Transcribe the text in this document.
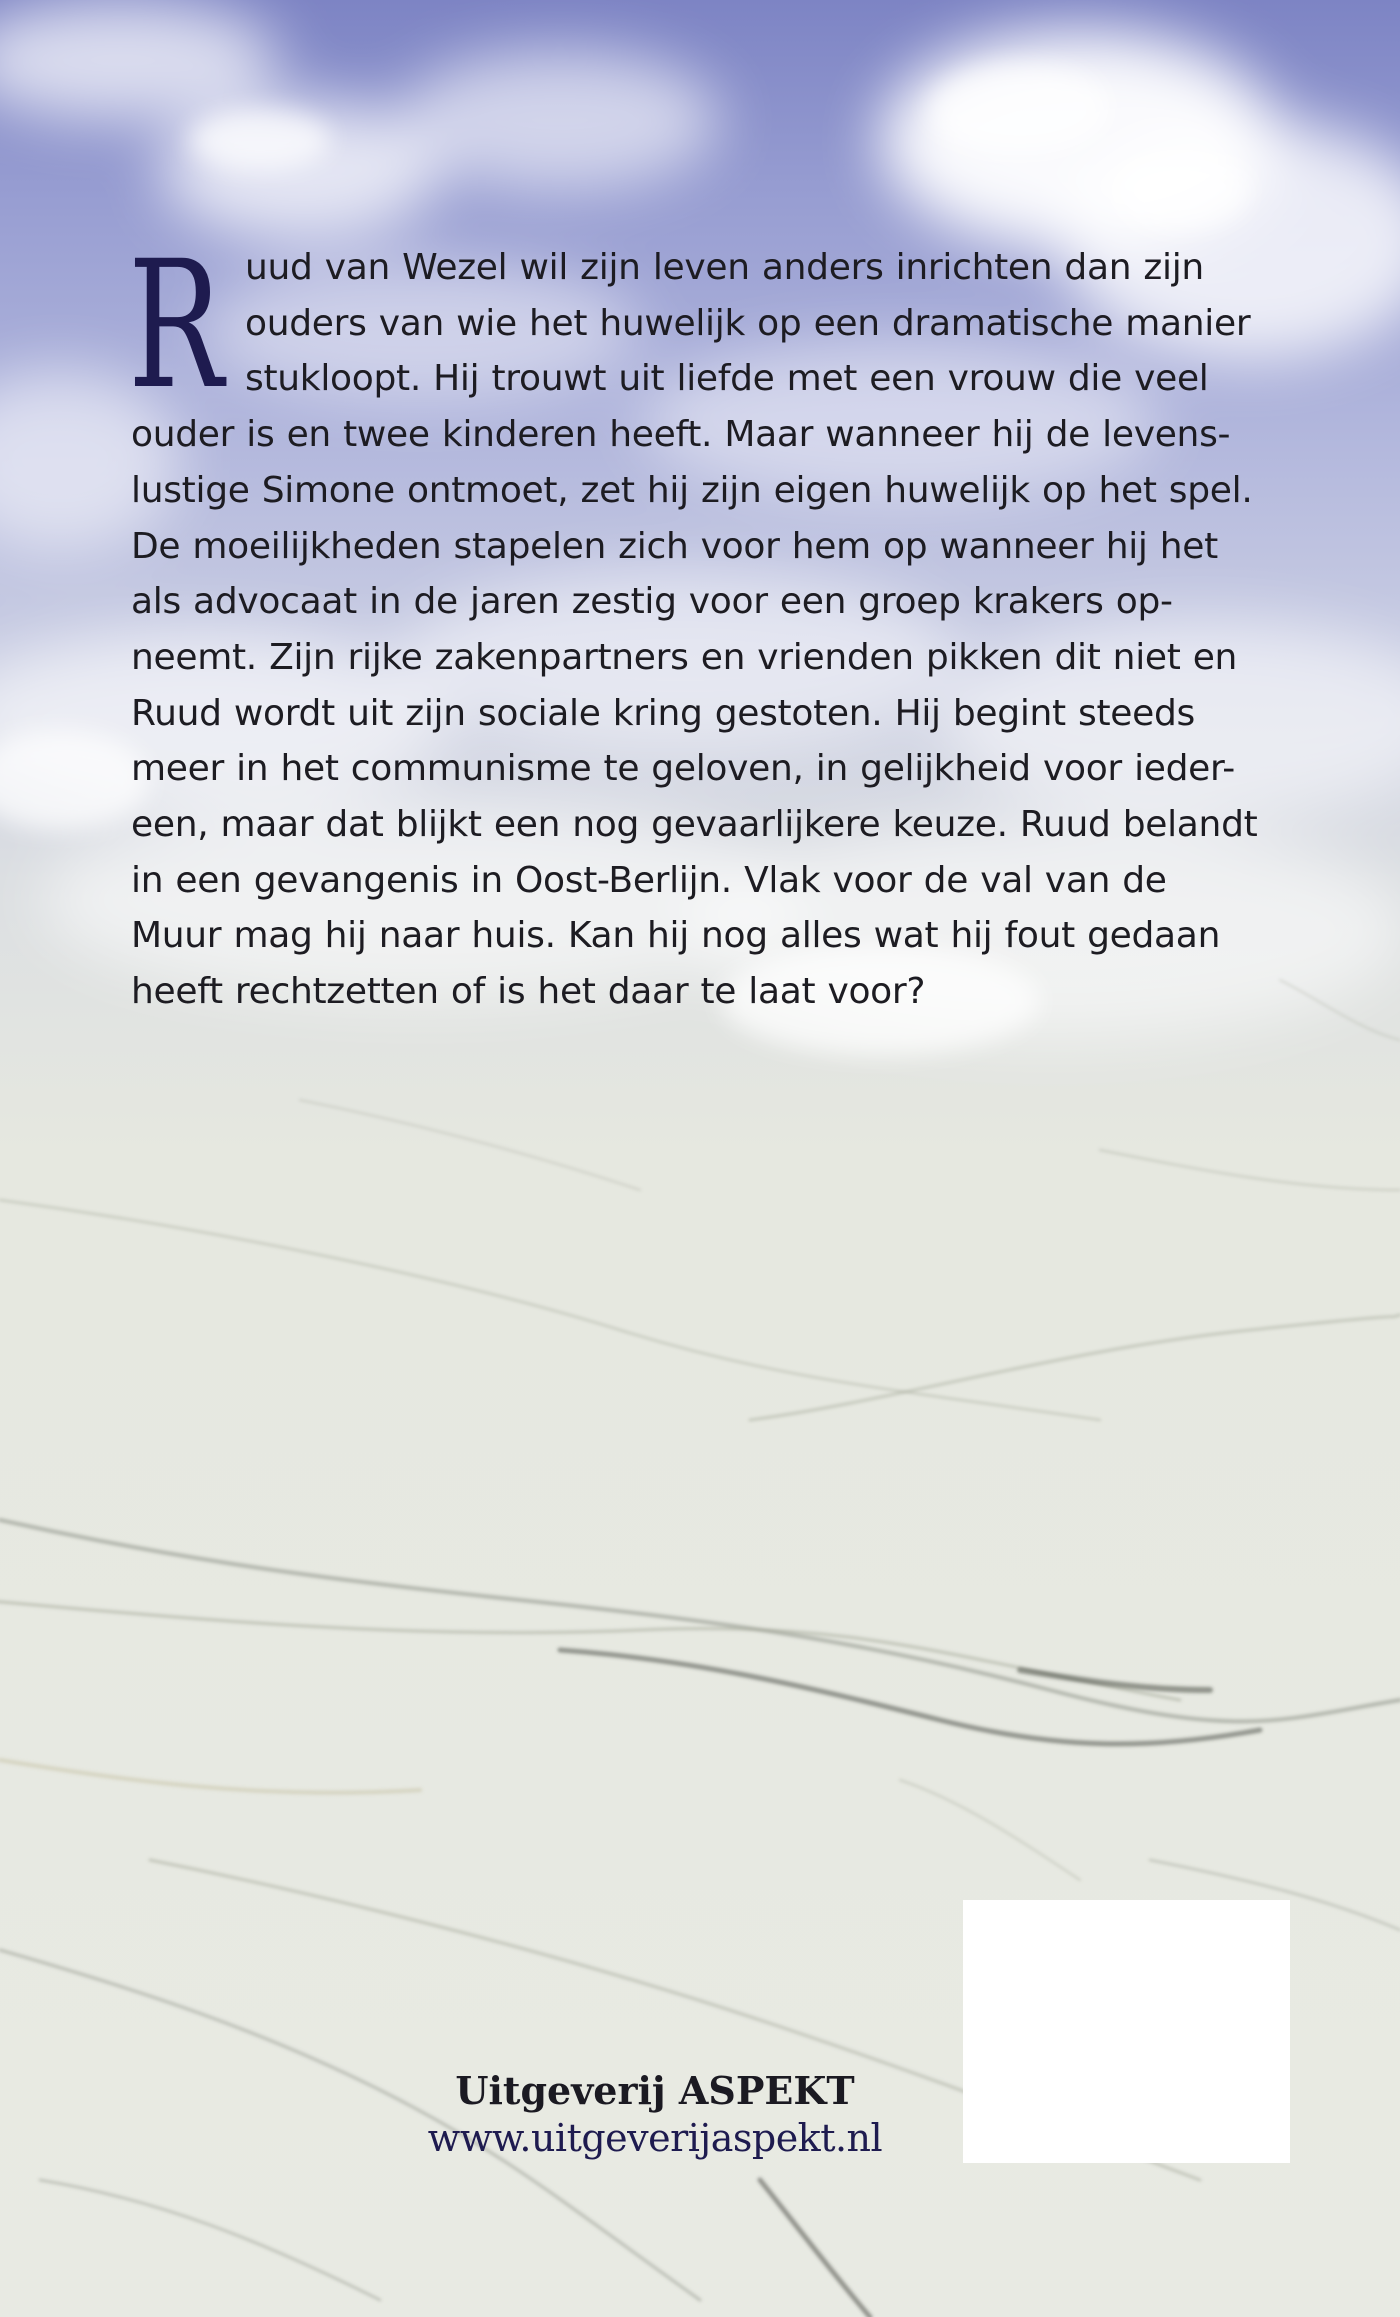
R uud van Wezel wil zijn leven anders inrichten dan zijn
ouders van wie het huwelijk op een dramatische manier
stukloopt. Hij trouwt uit liefde met een vrouw die veel
ouder is en twee kinderen heeft. Maar wanneer hij de levens-
lustige Simone ontmoet, zet hij zijn eigen huwelijk op het spel.
De moeilijkheden stapelen zich voor hem op wanneer hij het
als advocaat in de jaren zestig voor een groep krakers op-
neemt. Zijn rijke zakenpartners en vrienden pikken dit niet en
Ruud wordt uit zijn sociale kring gestoten. Hij begint steeds
meer in het communisme te geloven, in gelijkheid voor ieder-
een, maar dat blijkt een nog gevaarlijkere keuze. Ruud belandt
in een gevangenis in Oost-Berlijn. Vlak voor de val van de
Muur mag hij naar huis. Kan hij nog alles wat hij fout gedaan
heeft rechtzetten of is het daar te laat voor?
Uitgeverij ASPEKT
www.uitgeverijaspekt.nl
